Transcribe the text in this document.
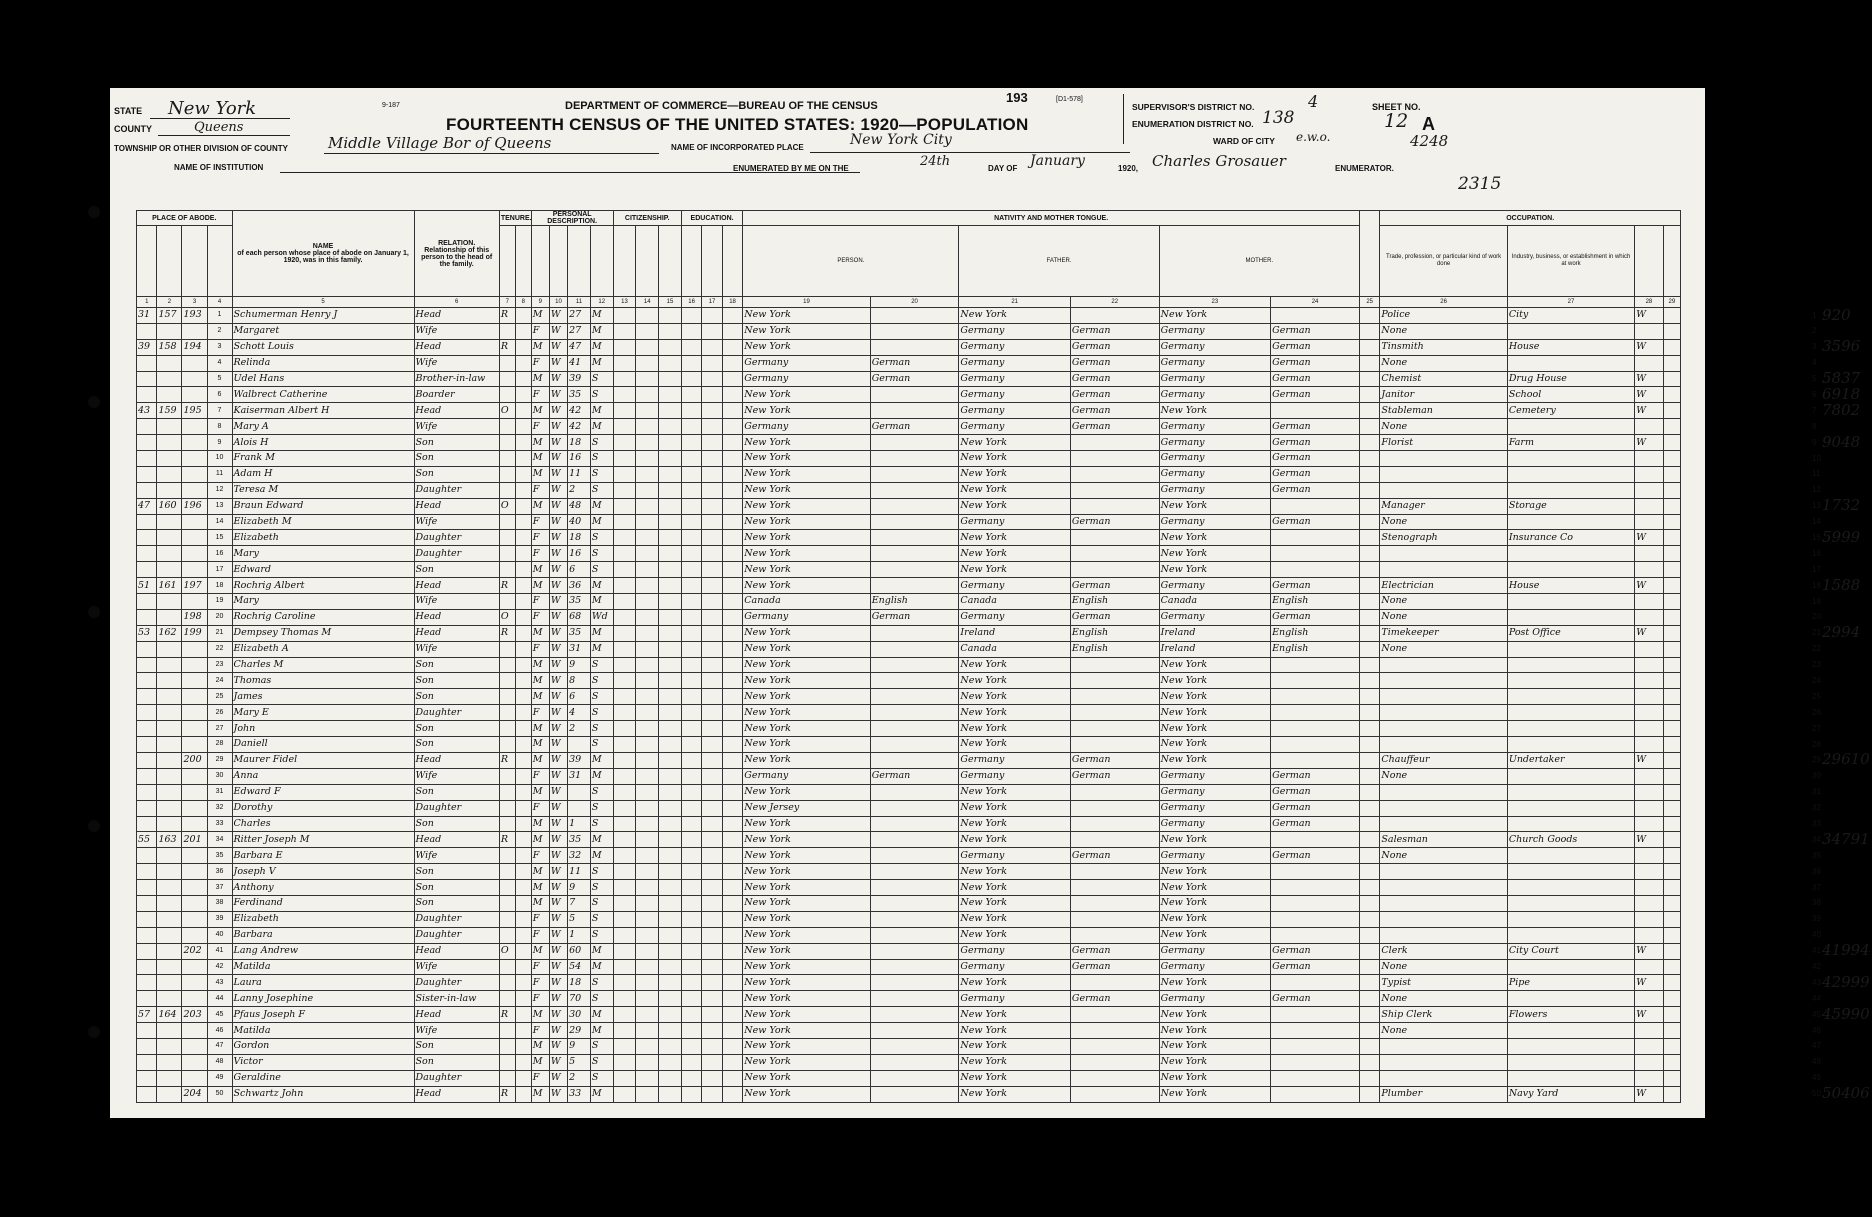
9-187
193	[D1-578]
DEPARTMENT OF COMMERCE—BUREAU OF THE CENSUS
FOURTEENTH CENSUS OF THE UNITED STATES: 1920—POPULATION
STATE New York
COUNTY	Queens
TOWNSHIP OR OTHER DIVISION OF COUNTY	Middle Village Bor of Queens
NAME OF INSTITUTION
NAME OF INCORPORATED PLACE	New York City
ENUMERATED BY ME ON THE	24th	DAY OF January	1920, Charles Grosauer	ENUMERATOR.
SUPERVISOR'S DISTRICT NO.	4
ENUMERATION DISTRICT NO. 138
WARD OF CITY e.w.o.
SHEET NO.
12 A
4248
2315
PLACE OF ABODE.				NAME
of each person whose place of abode on January 1, 1920, was in this family.	RELATION.
Relationship of this person to the head of the family.	TENURE.		PERSONAL DESCRIPTION.				CITIZENSHIP.			EDUCATION.			NATIVITY AND MOTHER TONGUE.							OCCUPATION.			
																		PERSON.		FATHER.		MOTHER.			Trade, profession, or particular kind of work done	Industry, business, or establishment in which at work		
1	2	3	4	5	6	7	8	9	10	11	12	13	14	15	16	17	18	19	20	21	22	23	24	25	26	27	28	29
31	157	193	1	Schumerman Henry J	Head	R		M	W	27	M							New York		New York		New York			Police	City	W	
			2	Margaret	Wife			F	W	27	M							New York		Germany	German	Germany	German		None			
39	158	194	3	Schott Louis	Head	R		M	W	47	M							New York		Germany	German	Germany	German		Tinsmith	House	W	
			4	Relinda	Wife			F	W	41	M							Germany	German	Germany	German	Germany	German		None			
			5	Udel Hans	Brother-in-law			M	W	39	S							Germany	German	Germany	German	Germany	German		Chemist	Drug House	W	
			6	Walbrect Catherine	Boarder			F	W	35	S							New York		Germany	German	Germany	German		Janitor	School	W	
43	159	195	7	Kaiserman Albert H	Head	O		M	W	42	M							New York		Germany	German	New York			Stableman	Cemetery	W	
			8	Mary A	Wife			F	W	42	M							Germany	German	Germany	German	Germany	German		None			
			9	Alois H	Son			M	W	18	S							New York		New York		Germany	German		Florist	Farm	W	
			10	Frank M	Son			M	W	16	S							New York		New York		Germany	German					
			11	Adam H	Son			M	W	11	S							New York		New York		Germany	German					
			12	Teresa M	Daughter			F	W	2	S							New York		New York		Germany	German					
47	160	196	13	Braun Edward	Head	O		M	W	48	M							New York		New York		New York			Manager	Storage		
			14	Elizabeth M	Wife			F	W	40	M							New York		Germany	German	Germany	German		None			
			15	Elizabeth	Daughter			F	W	18	S							New York		New York		New York			Stenograph	Insurance Co	W	
			16	Mary	Daughter			F	W	16	S							New York		New York		New York						
			17	Edward	Son			M	W	6	S							New York		New York		New York						
51	161	197	18	Rochrig Albert	Head	R		M	W	36	M							New York		Germany	German	Germany	German		Electrician	House	W	
			19	Mary	Wife			F	W	35	M							Canada	English	Canada	English	Canada	English		None			
		198	20	Rochrig Caroline	Head	O		F	W	68	Wd							Germany	German	Germany	German	Germany	German		None			
53	162	199	21	Dempsey Thomas M	Head	R		M	W	35	M							New York		Ireland	English	Ireland	English		Timekeeper	Post Office	W	
			22	Elizabeth A	Wife			F	W	31	M							New York		Canada	English	Ireland	English		None			
			23	Charles M	Son			M	W	9	S							New York		New York		New York						
			24	Thomas	Son			M	W	8	S							New York		New York		New York						
			25	James	Son			M	W	6	S							New York		New York		New York						
			26	Mary E	Daughter			F	W	4	S							New York		New York		New York						
			27	John	Son			M	W	2	S							New York		New York		New York						
			28	Daniell	Son			M	W		S							New York		New York		New York						
		200	29	Maurer Fidel	Head	R		M	W	39	M							New York		Germany	German	New York			Chauffeur	Undertaker	W	
			30	Anna	Wife			F	W	31	M							Germany	German	Germany	German	Germany	German		None			
			31	Edward F	Son			M	W		S							New York		New York		Germany	German					
			32	Dorothy	Daughter			F	W		S							New Jersey		New York		Germany	German					
			33	Charles	Son			M	W	1	S							New York		New York		Germany	German					
55	163	201	34	Ritter Joseph M	Head	R		M	W	35	M							New York		New York		New York			Salesman	Church Goods	W	
			35	Barbara E	Wife			F	W	32	M							New York		Germany	German	Germany	German		None			
			36	Joseph V	Son			M	W	11	S							New York		New York		New York						
			37	Anthony	Son			M	W	9	S							New York		New York		New York						
			38	Ferdinand	Son			M	W	7	S							New York		New York		New York						
			39	Elizabeth	Daughter			F	W	5	S							New York		New York		New York						
			40	Barbara	Daughter			F	W	1	S							New York		New York		New York						
		202	41	Lang Andrew	Head	O		M	W	60	M							New York		Germany	German	Germany	German		Clerk	City Court	W	
			42	Matilda	Wife			F	W	54	M							New York		Germany	German	Germany	German		None			
			43	Laura	Daughter			F	W	18	S							New York		New York		New York			Typist	Pipe	W	
			44	Lanny Josephine	Sister-in-law			F	W	70	S							New York		Germany	German	Germany	German		None			
57	164	203	45	Pfaus Joseph F	Head	R		M	W	30	M							New York		New York		New York			Ship Clerk	Flowers	W	
			46	Matilda	Wife			F	W	29	M							New York		New York		New York			None			
			47	Gordon	Son			M	W	9	S							New York		New York		New York						
			48	Victor	Son			M	W	5	S							New York		New York		New York						
			49	Geraldine	Daughter			F	W	2	S							New York		New York		New York						
		204	50	Schwartz John	Head	R		M	W	33	M							New York		New York		New York			Plumber	Navy Yard	W	
1 920
2
3 3596
4
5 5837
6 6918
7 7802
8
9 9048
10
11
12
13 1732
14
15 5999
16
17
18 1588
19
20
21 2994
22
23
24
25
26
27
28
29 29610
30
31
32
33
34 34791
35
36
37
38
39
40
41 41994
42
43 42999
44
45 45990
46
47
48
49
50 50406
